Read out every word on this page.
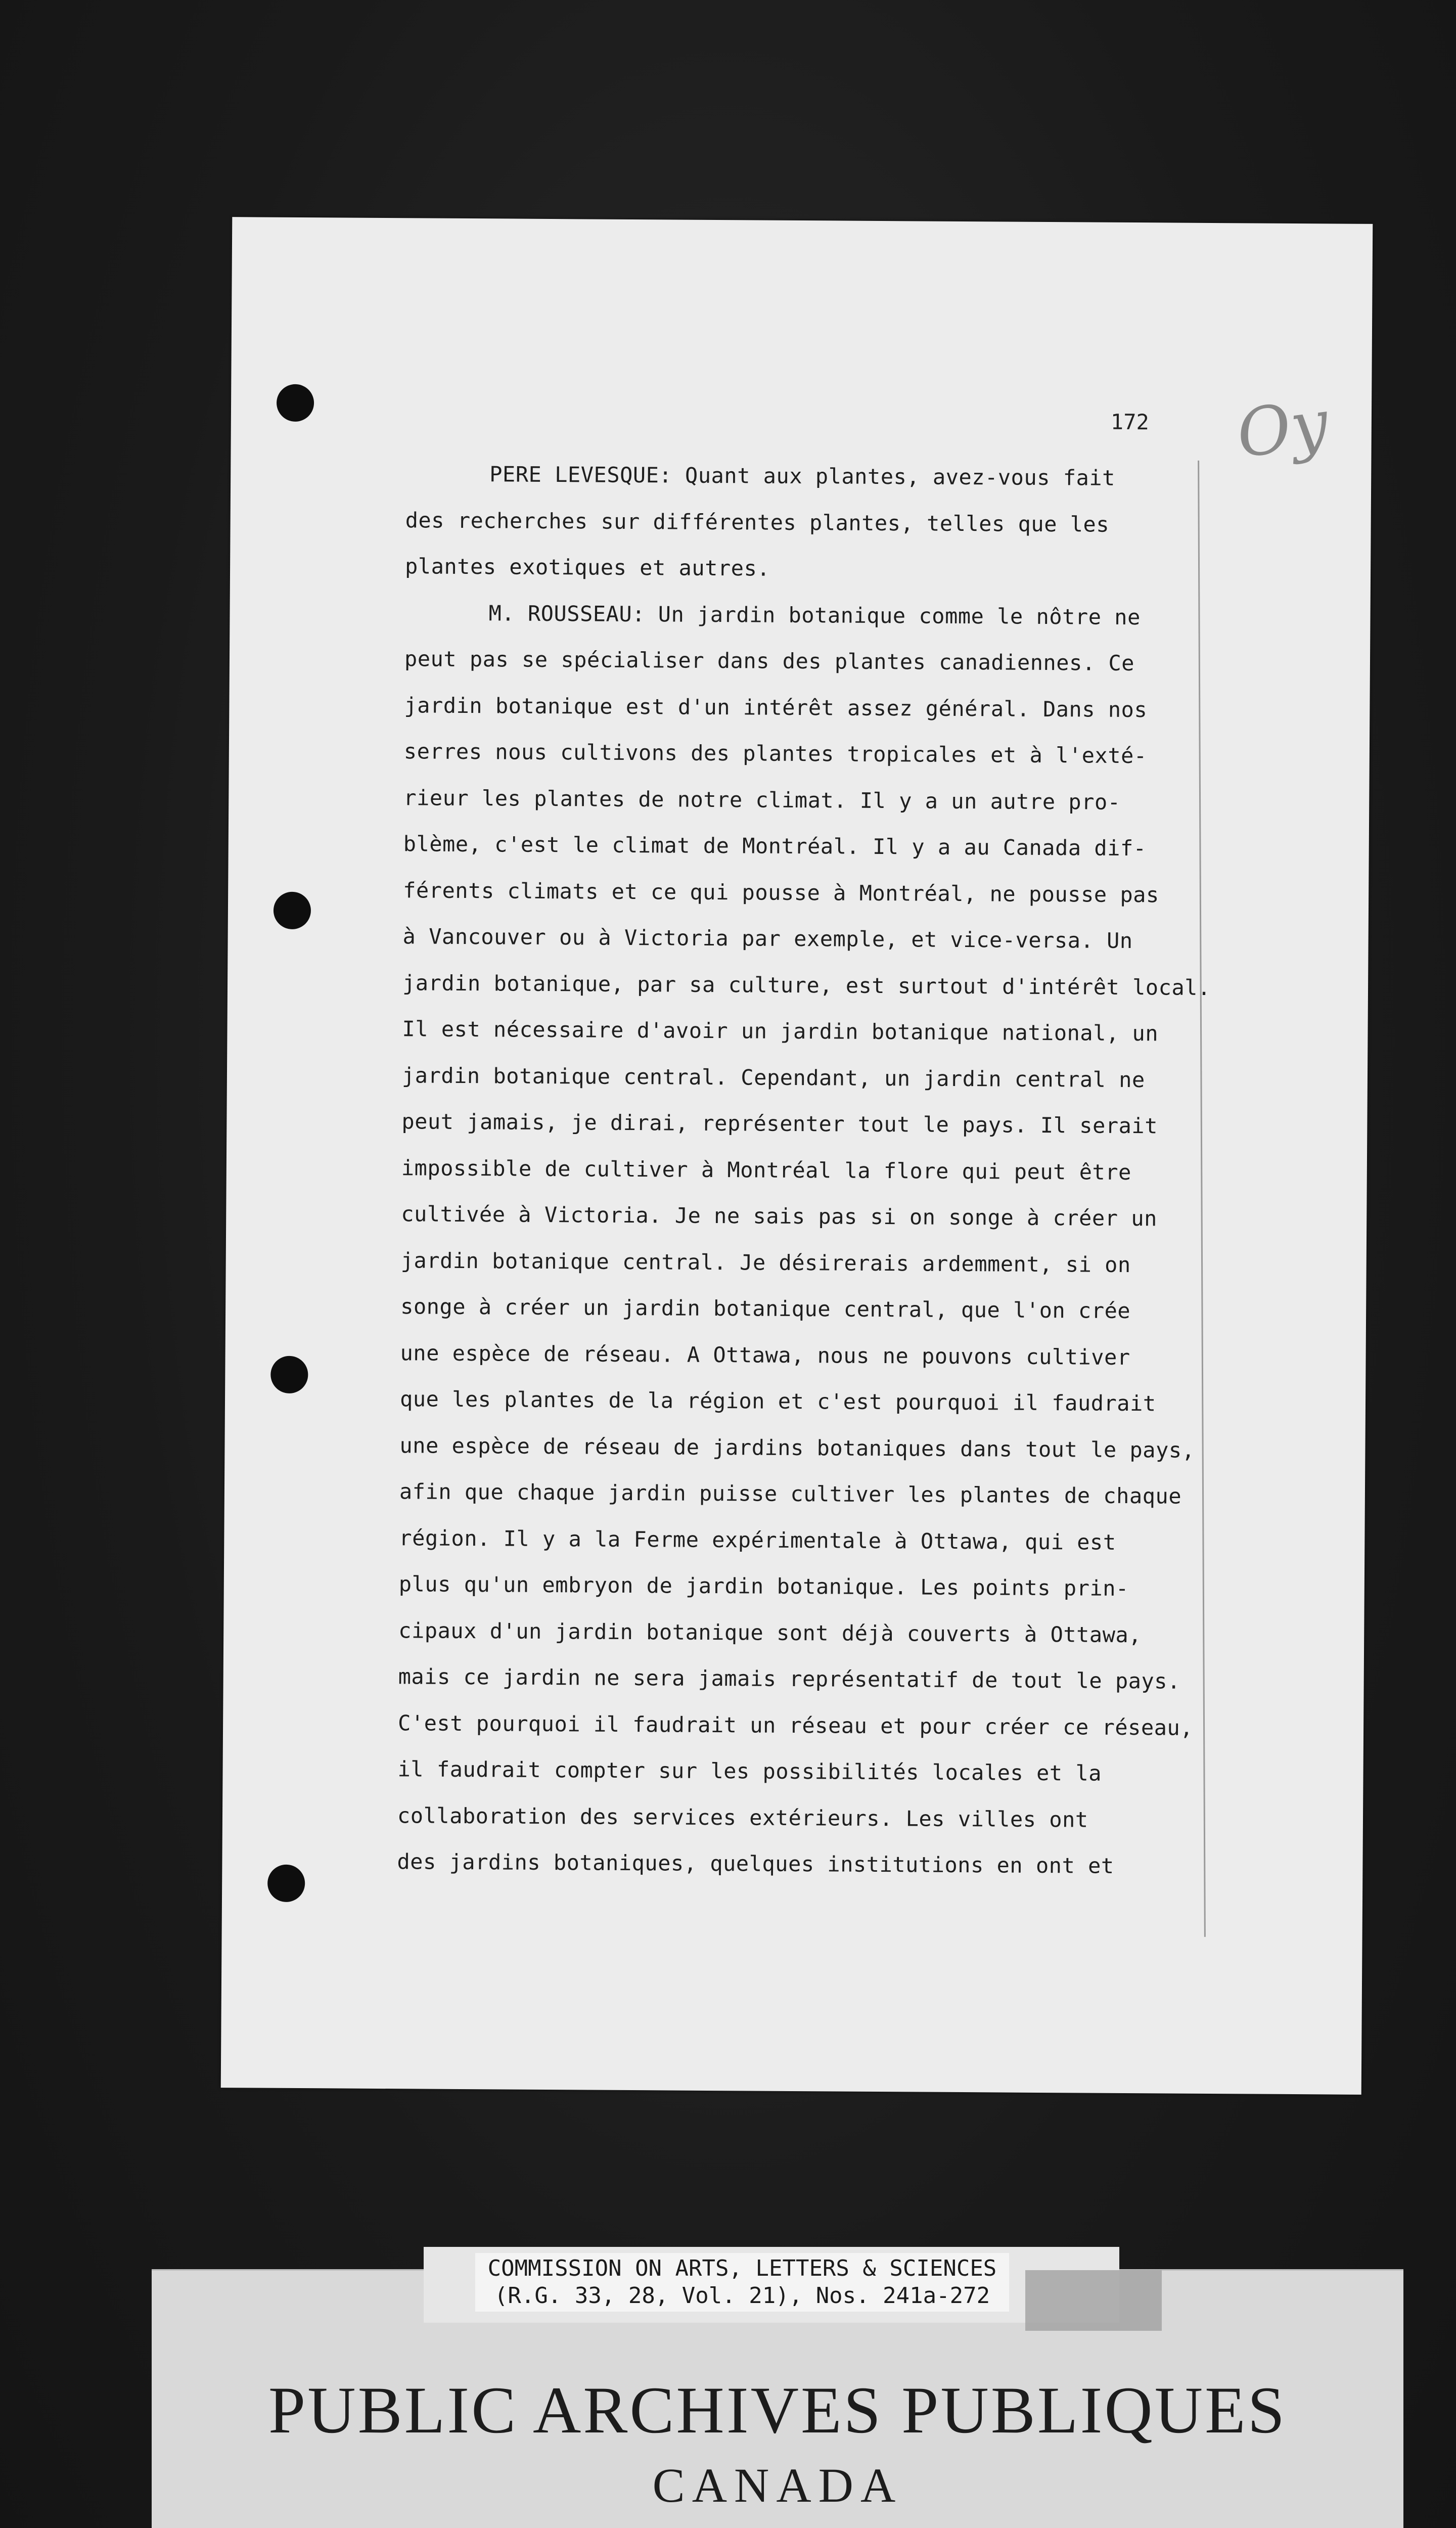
172 Oy
PERE LEVESQUE: Quant aux plantes, avez-vous fait
des recherches sur différentes plantes, telles que les
plantes exotiques et autres.
M. ROUSSEAU: Un jardin botanique comme le nôtre ne
peut pas se spécialiser dans des plantes canadiennes. Ce
jardin botanique est d'un intérêt assez général. Dans nos
serres nous cultivons des plantes tropicales et à l'exté-
rieur les plantes de notre climat. Il y a un autre pro-
blème, c'est le climat de Montréal. Il y a au Canada dif-
férents climats et ce qui pousse à Montréal, ne pousse pas
à Vancouver ou à Victoria par exemple, et vice-versa. Un
jardin botanique, par sa culture, est surtout d'intérêt local.
Il est nécessaire d'avoir un jardin botanique national, un
jardin botanique central. Cependant, un jardin central ne
peut jamais, je dirai, représenter tout le pays. Il serait
impossible de cultiver à Montréal la flore qui peut être
cultivée à Victoria. Je ne sais pas si on songe à créer un
jardin botanique central. Je désirerais ardemment, si on
songe à créer un jardin botanique central, que l'on crée
une espèce de réseau. A Ottawa, nous ne pouvons cultiver
que les plantes de la région et c'est pourquoi il faudrait
une espèce de réseau de jardins botaniques dans tout le pays,
afin que chaque jardin puisse cultiver les plantes de chaque
région. Il y a la Ferme expérimentale à Ottawa, qui est
plus qu'un embryon de jardin botanique. Les points prin-
cipaux d'un jardin botanique sont déjà couverts à Ottawa,
mais ce jardin ne sera jamais représentatif de tout le pays.
C'est pourquoi il faudrait un réseau et pour créer ce réseau,
il faudrait compter sur les possibilités locales et la
collaboration des services extérieurs. Les villes ont
des jardins botaniques, quelques institutions en ont et
COMMISSION ON ARTS, LETTERS & SCIENCES
(R.G. 33, 28, Vol. 21), Nos. 241a-272
PUBLIC ARCHIVES PUBLIQUES
CANADA
